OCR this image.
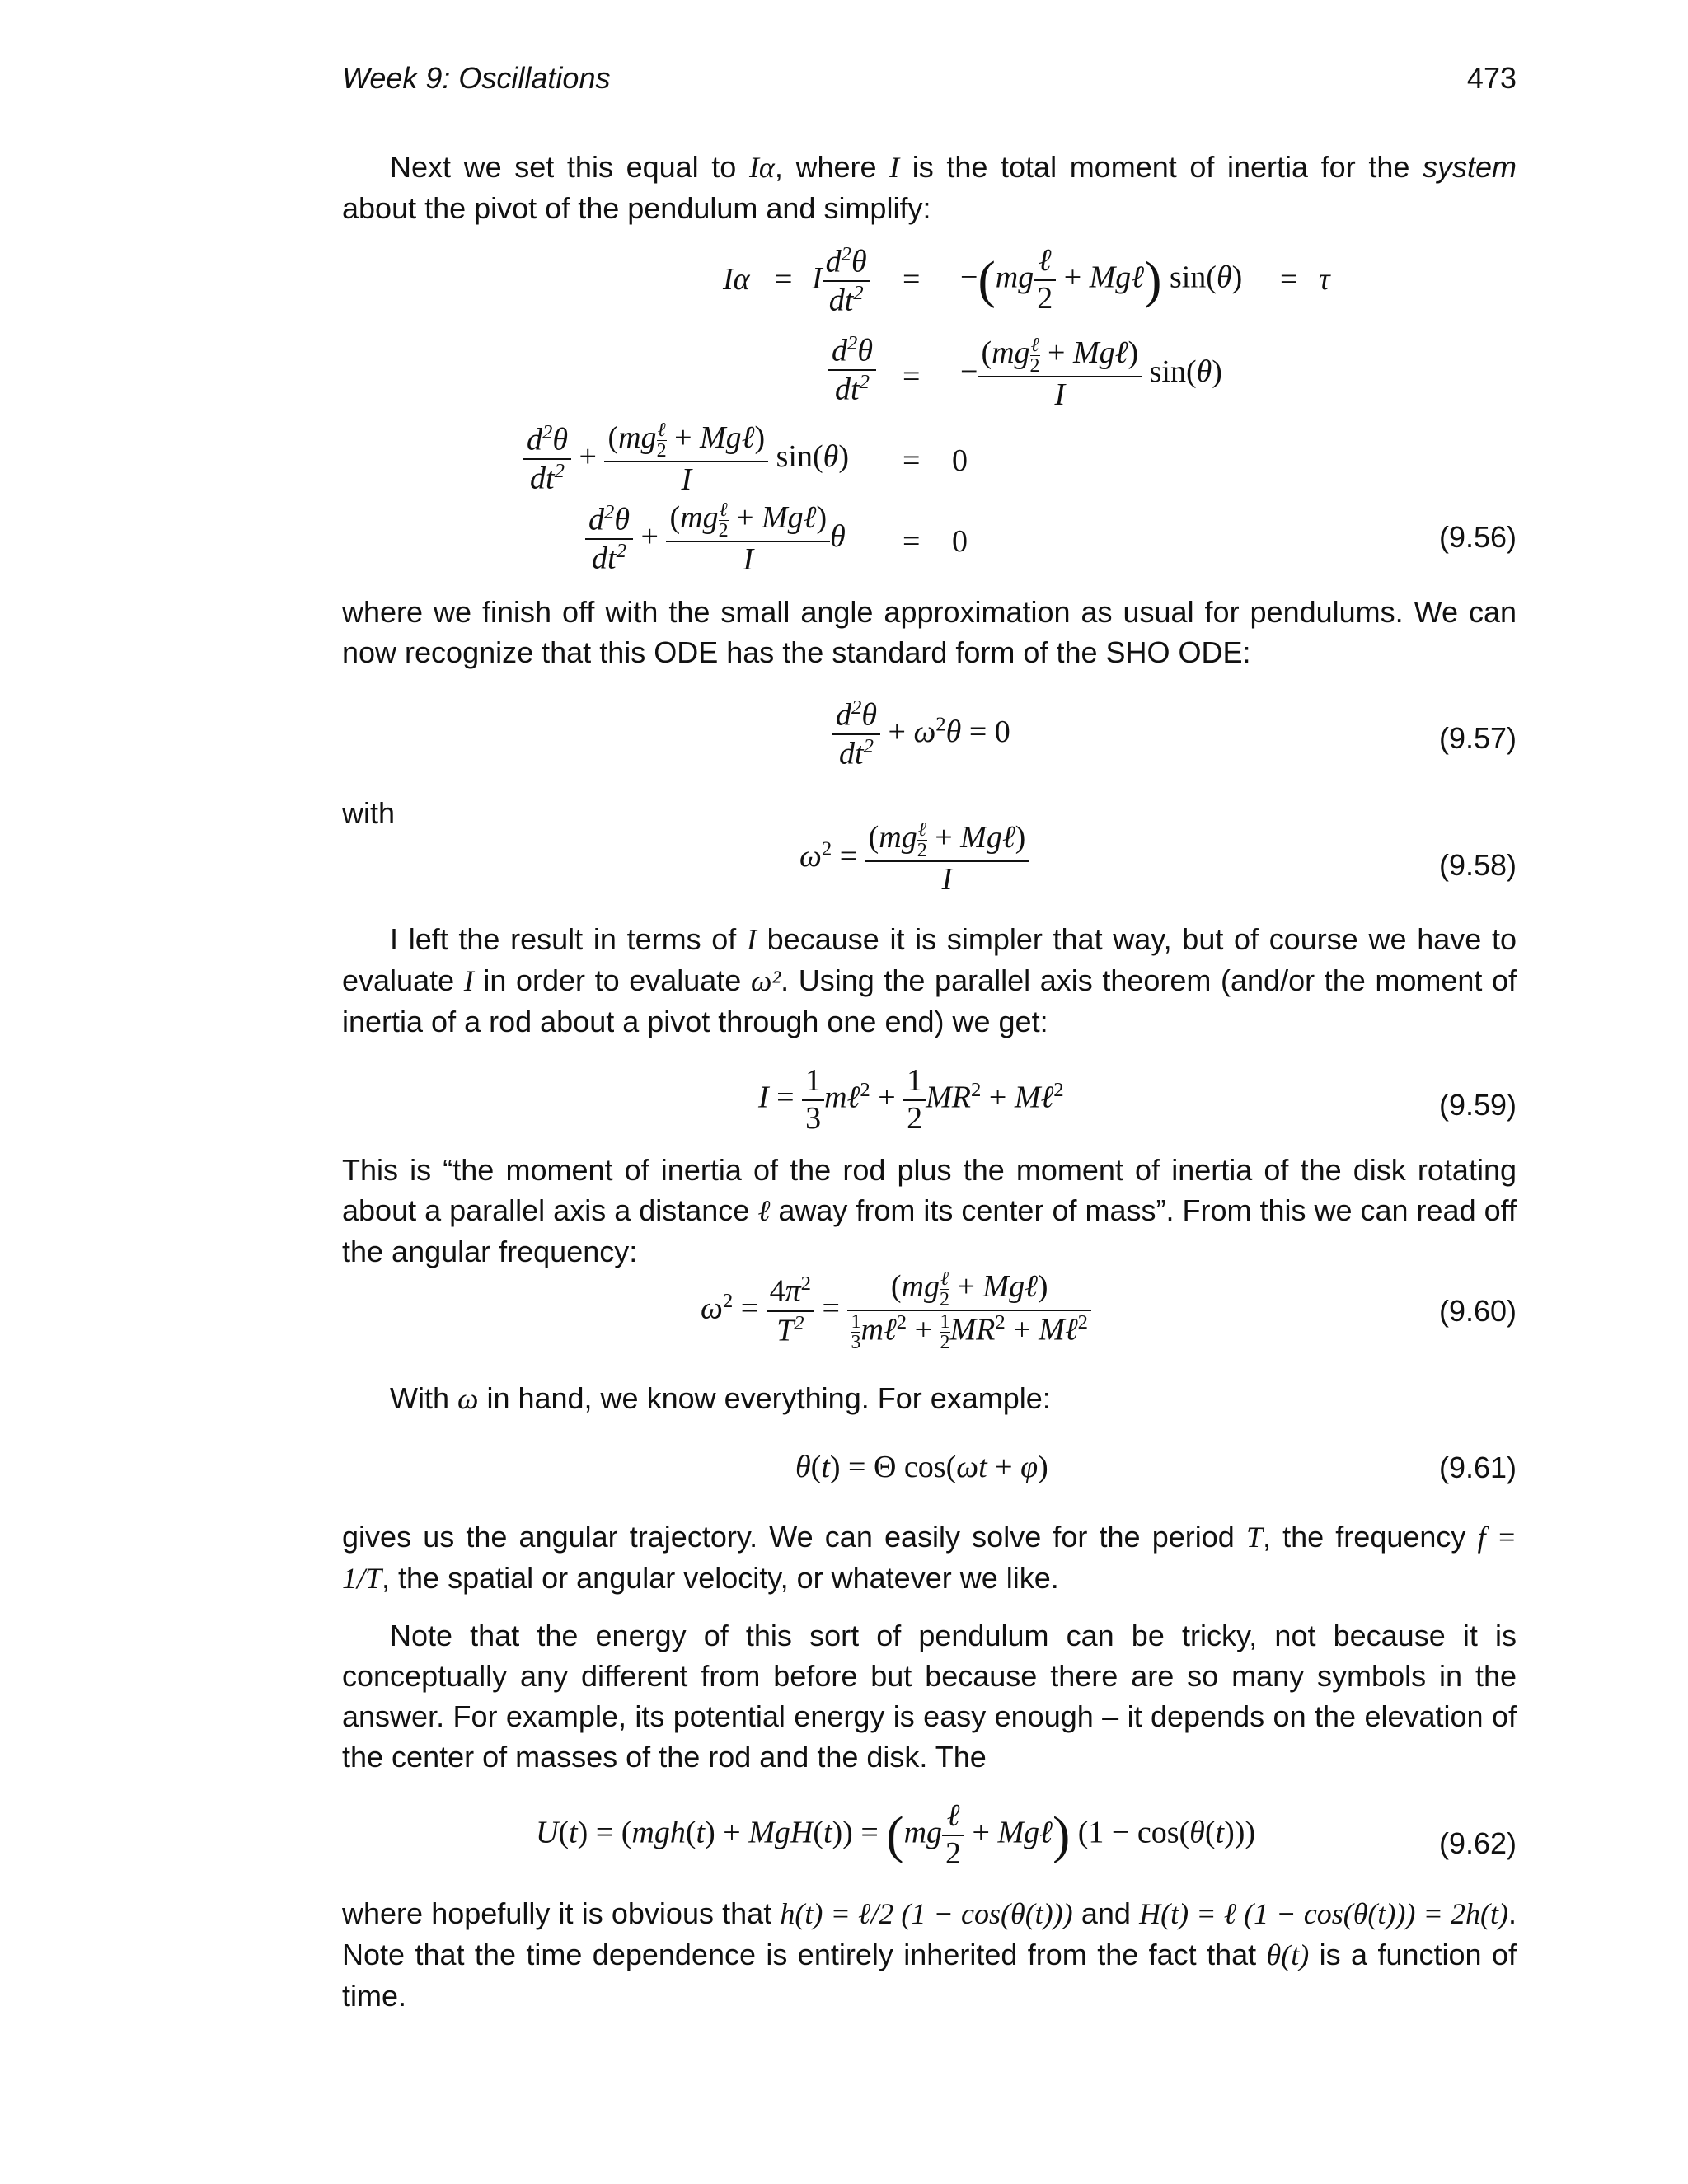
Week 9: Oscillations	473

Next we set this equal to Iα, where I is the total moment of inertia for the system about the pivot of the pendulum and simplify:

Iα = I $\frac{d^2\theta}{dt^2} = -(mg \frac{\text{ℓ}}{2}$ + Mgℓ) sin(θ) = τ
$\frac{d^2\theta}{dt^2}$ = − (mg ℓ
2 + Mgℓ)
I sin(θ)
$\frac{d^2\theta}{dt^2} + (mg$ ℓ
2 + Mgℓ)
I sin(θ) = 0
$\frac{d^2\theta}{dt^2} + (mg$ ℓ
2 + Mgℓ)
I θ = 0	(9.56)

where we finish off with the small angle approximation as usual for pendulums. We can now recognize that this ODE has the standard form of the SHO ODE:

$\frac{d^2\theta}{dt^2} + \omega^2\theta = 0$	(9.57)

with

$\omega^2 = (mg$ ℓ
2 + Mgℓ)
I	(9.58)

I left the result in terms of I because it is simpler that way, but of course we have to evaluate I in order to evaluate ω². Using the parallel axis theorem (and/or the moment of inertia of a rod about a pivot through one end) we get:

$I = \frac{1}{3}$ mℓ$^2$ + $\frac{1}{2} MR^2$ + Mℓ$^2$	(9.59)

This is “the moment of inertia of the rod plus the moment of inertia of the disk rotating about a parallel axis a distance ℓ away from its center of mass”. From this we can read off the angular frequency:

$\omega^2 = \frac{4\pi^2}{T^2} = (mg$ ℓ
2 + Mgℓ)
$\frac{1}{3}$ mℓ$^2$ + $\frac{1}{2} MR^2$ + Mℓ$^2$	(9.60)

With ω in hand, we know everything. For example:

θ(t) = Θ cos(ωt + φ)	(9.61)

gives us the angular trajectory. We can easily solve for the period T, the frequency f = 1/T, the spatial or angular velocity, or whatever we like.

Note that the energy of this sort of pendulum can be tricky, not because it is conceptually any different from before but because there are so many symbols in the answer. For example, its potential energy is easy enough – it depends on the elevation of the center of masses of the rod and the disk. The

$U(t) = (mgh(t) + MgH(t)) = (mg \frac{\text{ℓ}}{2}$ + Mgℓ) (1 − cos(θ(t)))	(9.62)

where hopefully it is obvious that h(t) = ℓ/2 (1 − cos(θ(t))) and H(t) = ℓ (1 − cos(θ(t))) = 2h(t). Note that the time dependence is entirely inherited from the fact that θ(t) is a function of time.
